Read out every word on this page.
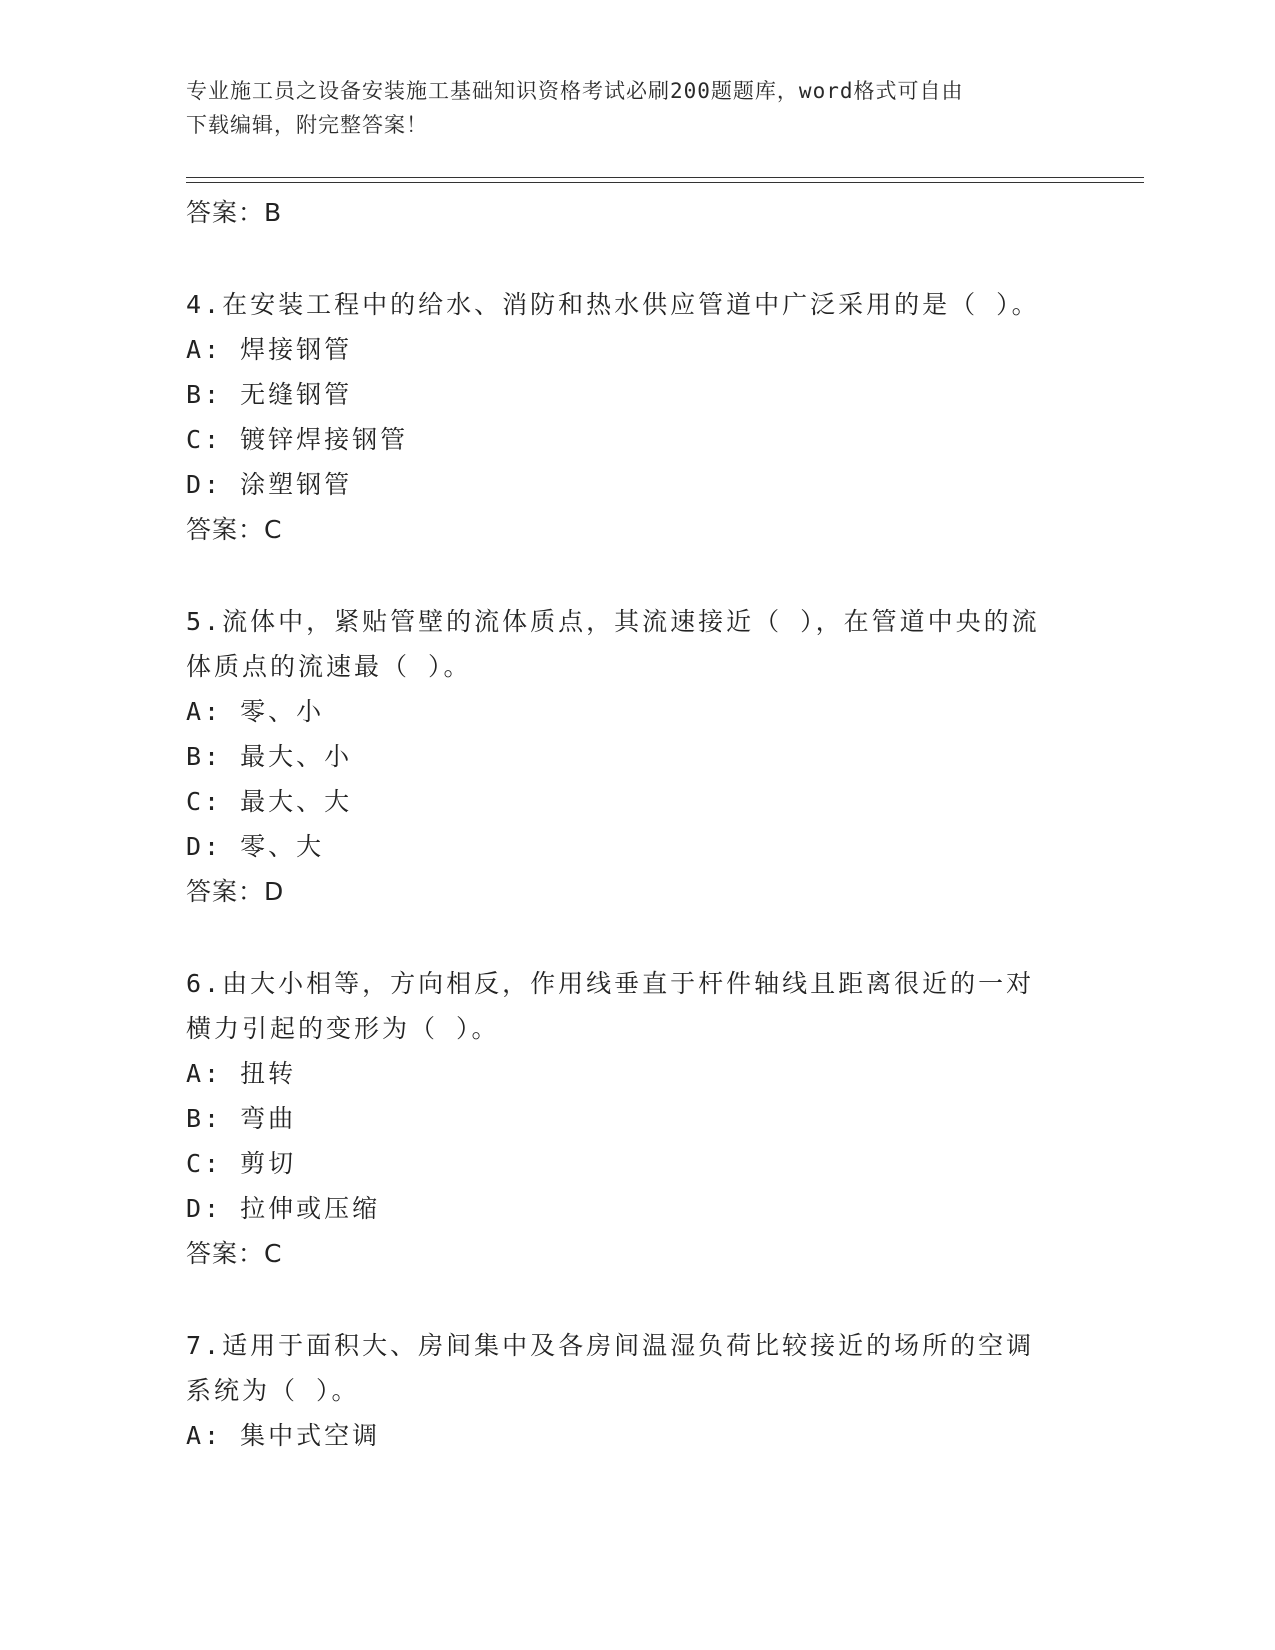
专业施工员之设备安装施工基础知识资格考试必刷200题题库，word格式可自由
下载编辑，附完整答案！
答案：B
4.在安装工程中的给水、消防和热水供应管道中广泛采用的是（ ）。
A: 焊接钢管
B: 无缝钢管
C: 镀锌焊接钢管
D: 涂塑钢管
答案：C
5.流体中，紧贴管壁的流体质点，其流速接近（ ），在管道中央的流
体质点的流速最（ ）。
A: 零、小
B: 最大、小
C: 最大、大
D: 零、大
答案：D
6.由大小相等，方向相反，作用线垂直于杆件轴线且距离很近的一对
横力引起的变形为（ ）。
A: 扭转
B: 弯曲
C: 剪切
D: 拉伸或压缩
答案：C
7.适用于面积大、房间集中及各房间温湿负荷比较接近的场所的空调
系统为（ ）。
A: 集中式空调
